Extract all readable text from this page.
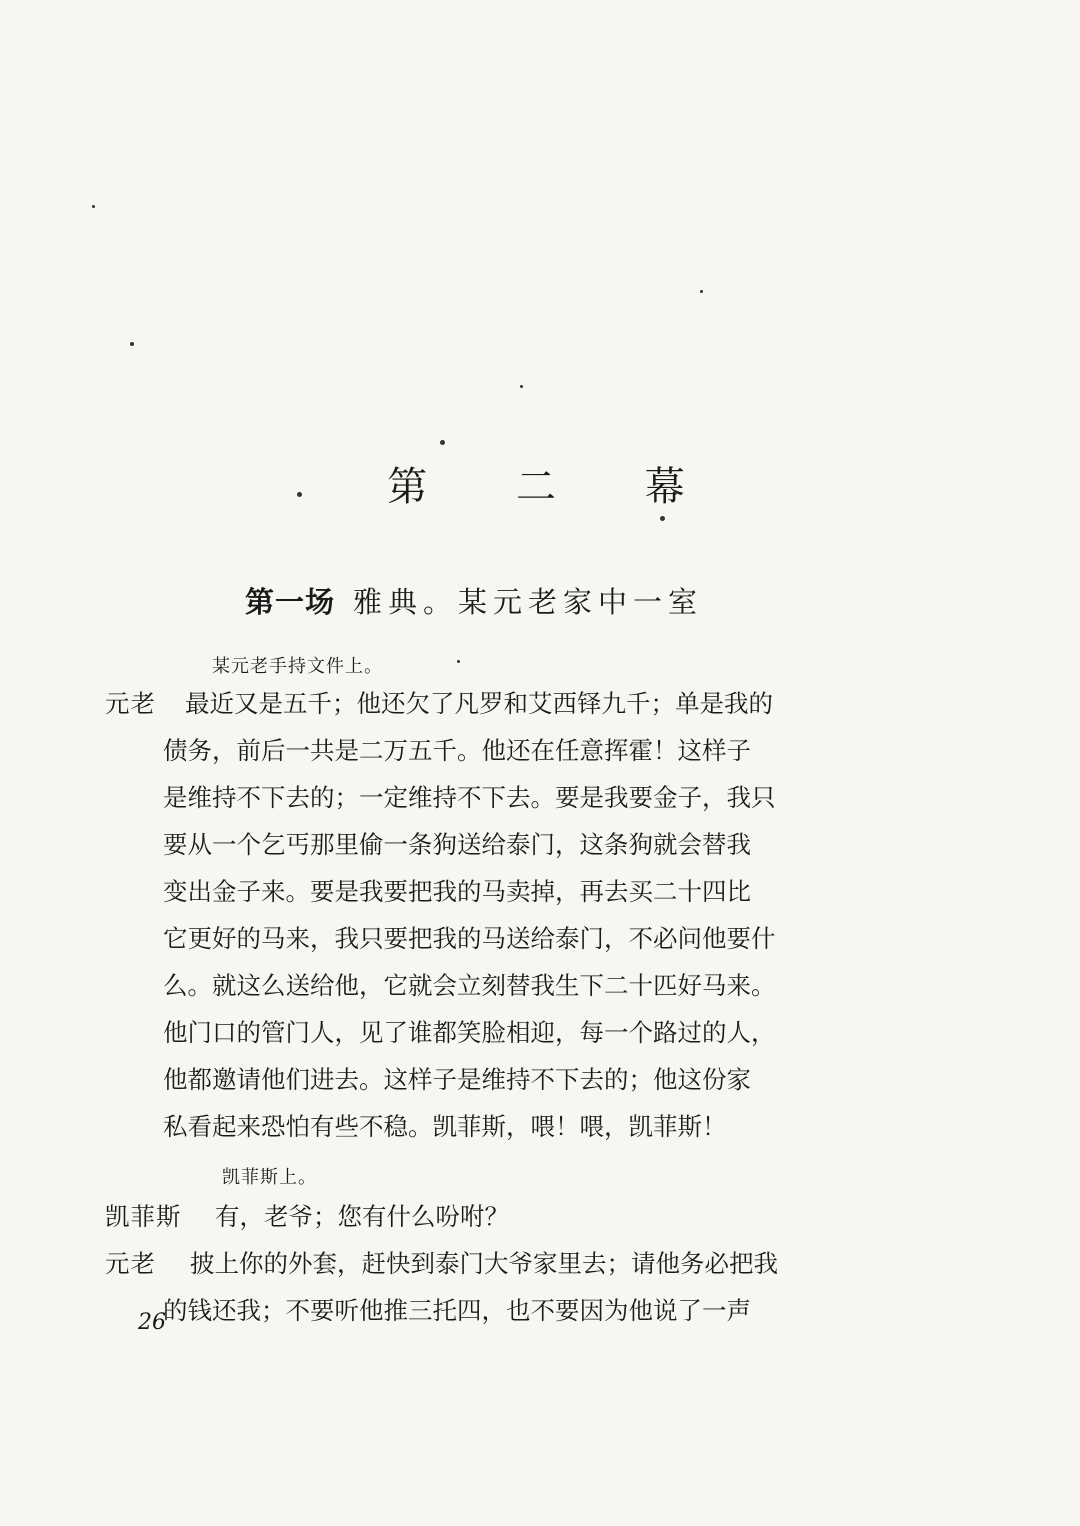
第 二 幕
第一场 雅典。某元老家中一室
某元老手持文件上。
元老 最近又是五千；他还欠了凡罗和艾西铎九千；单是我的
债务，前后一共是二万五千。他还在任意挥霍！这样子
是维持不下去的；一定维持不下去。要是我要金子，我只
要从一个乞丐那里偷一条狗送给泰门，这条狗就会替我
变出金子来。要是我要把我的马卖掉，再去买二十四比
它更好的马来，我只要把我的马送给泰门，不必问他要什
么。就这么送给他，它就会立刻替我生下二十匹好马来。
他门口的管门人，见了谁都笑脸相迎，每一个路过的人，
他都邀请他们进去。这样子是维持不下去的；他这份家
私看起来恐怕有些不稳。凯菲斯，喂！喂，凯菲斯！
凯菲斯上。
凯菲斯 有，老爷；您有什么吩咐？
元老 披上你的外套，赶快到泰门大爷家里去；请他务必把我
的钱还我；不要听他推三托四，也不要因为他说了一声
26
